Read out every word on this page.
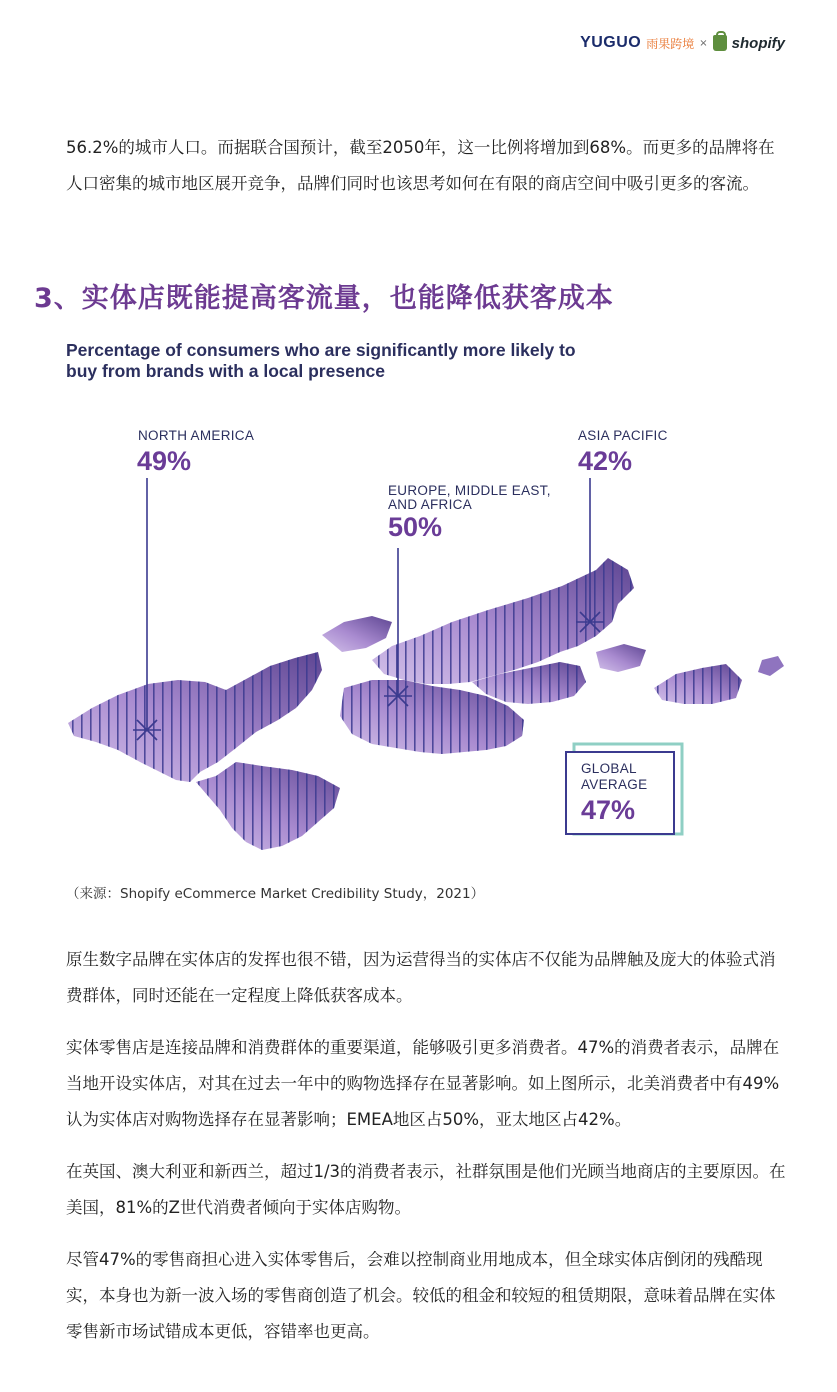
YUGUO 雨果跨境 × shopify

56.2%的城市人口。而据联合国预计，截至2050年，这一比例将增加到68%。而更多的品牌将在人口密集的城市地区展开竞争，品牌们同时也该思考如何在有限的商店空间中吸引更多的客流。

3、实体店既能提高客流量，也能降低获客成本

Percentage of consumers who are significantly more likely to buy from brands with a local presence

NORTH AMERICA
49%
EUROPE, MIDDLE EAST,
AND AFRICA
50%
ASIA PACIFIC
42%
GLOBAL
AVERAGE
47%

（来源：Shopify eCommerce Market Credibility Study，2021）

原生数字品牌在实体店的发挥也很不错，因为运营得当的实体店不仅能为品牌触及庞大的体验式消费群体，同时还能在一定程度上降低获客成本。

实体零售店是连接品牌和消费群体的重要渠道，能够吸引更多消费者。47%的消费者表示，品牌在当地开设实体店，对其在过去一年中的购物选择存在显著影响。如上图所示，北美消费者中有49%认为实体店对购物选择存在显著影响；EMEA地区占50%，亚太地区占42%。

在英国、澳大利亚和新西兰，超过1/3的消费者表示，社群氛围是他们光顾当地商店的主要原因。在美国，81%的Z世代消费者倾向于实体店购物。

尽管47%的零售商担心进入实体零售后，会难以控制商业用地成本，但全球实体店倒闭的残酷现实，本身也为新一波入场的零售商创造了机会。较低的租金和较短的租赁期限，意味着品牌在实体零售新市场试错成本更低，容错率也更高。
